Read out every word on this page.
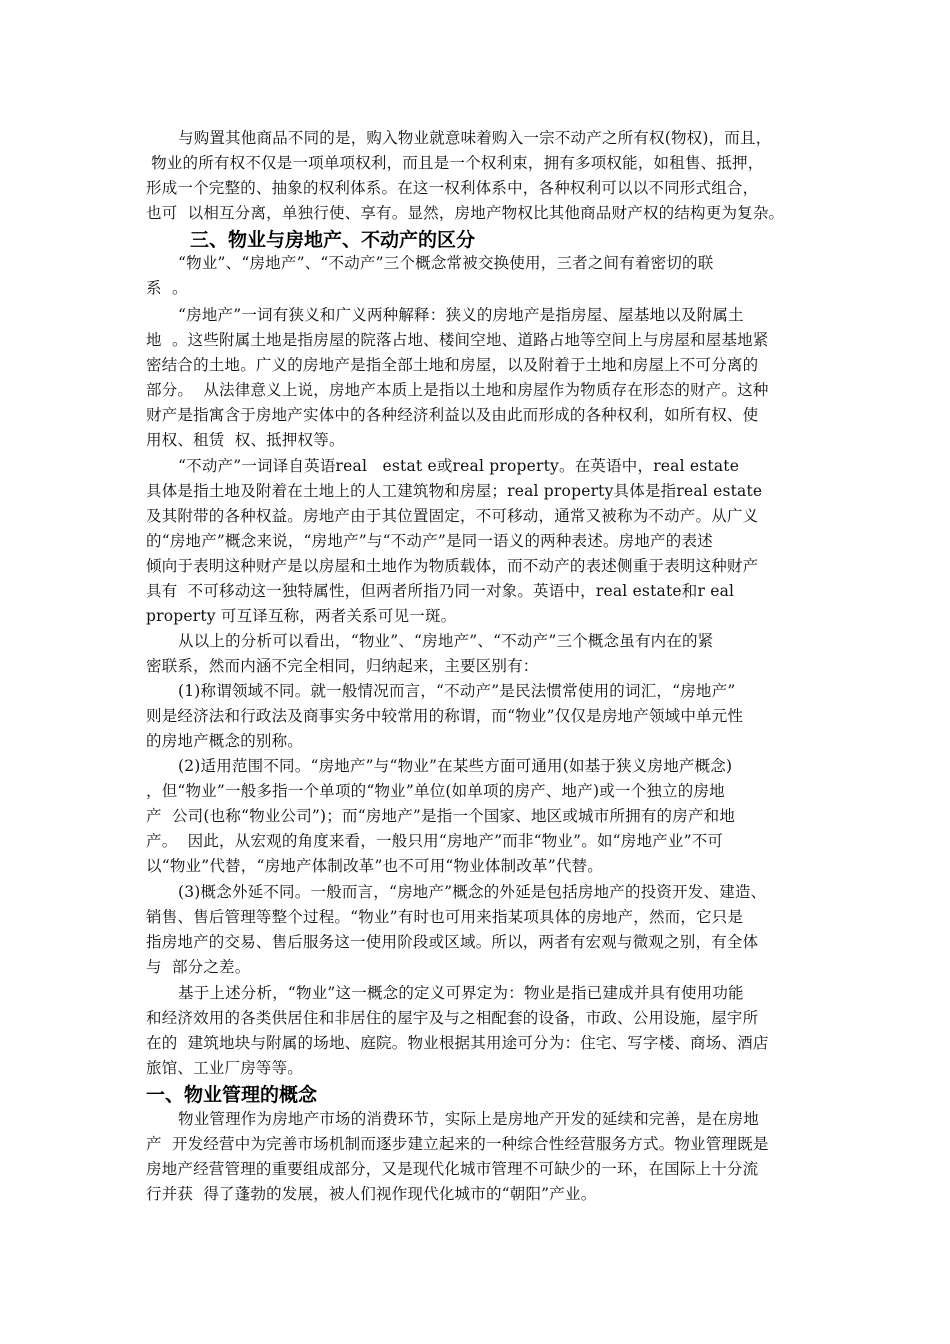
与购置其他商品不同的是，购入物业就意味着购入一宗不动产之所有权(物权)，而且，
物业的所有权不仅是一项单项权利，而且是一个权利束，拥有多项权能，如租售、抵押，
形成一个完整的、抽象的权利体系。在这一权利体系中，各种权利可以以不同形式组合，
也可  以相互分离，单独行使、享有。显然，房地产物权比其他商品财产权的结构更为复杂。
三、物业与房地产、不动产的区分
“物业”、“房地产”、“不动产”三个概念常被交换使用，三者之间有着密切的联
系  。
“房地产”一词有狭义和广义两种解释：狭义的房地产是指房屋、屋基地以及附属土
地  。这些附属土地是指房屋的院落占地、楼间空地、道路占地等空间上与房屋和屋基地紧
密结合的土地。广义的房地产是指全部土地和房屋，以及附着于土地和房屋上不可分离的
部分。  从法律意义上说，房地产本质上是指以土地和房屋作为物质存在形态的财产。这种
财产是指寓含于房地产实体中的各种经济利益以及由此而形成的各种权利，如所有权、使
用权、租赁  权、抵押权等。
“不动产”一词译自英语real   estat e或real property。在英语中，real estate
具体是指土地及附着在土地上的人工建筑物和房屋；real property具体是指real estate
及其附带的各种权益。房地产由于其位置固定，不可移动，通常又被称为不动产。从广义
的“房地产”概念来说，“房地产”与“不动产”是同一语义的两种表述。房地产的表述
倾向于表明这种财产是以房屋和土地作为物质载体，而不动产的表述侧重于表明这种财产
具有  不可移动这一独特属性，但两者所指乃同一对象。英语中，real estate和r eal
property 可互译互称，两者关系可见一斑。
从以上的分析可以看出，“物业”、“房地产”、“不动产”三个概念虽有内在的紧
密联系，然而内涵不完全相同，归纳起来，主要区别有：
(1)称谓领域不同。就一般情况而言，“不动产”是民法惯常使用的词汇，“房地产”
则是经济法和行政法及商事实务中较常用的称谓，而“物业”仅仅是房地产领域中单元性
的房地产概念的别称。
(2)适用范围不同。“房地产”与“物业”在某些方面可通用(如基于狭义房地产概念)
，但“物业”一般多指一个单项的“物业”单位(如单项的房产、地产)或一个独立的房地
产  公司(也称“物业公司”)；而“房地产”是指一个国家、地区或城市所拥有的房产和地
产。  因此，从宏观的角度来看，一般只用“房地产”而非“物业”。如“房地产业”不可
以“物业”代替，“房地产体制改革”也不可用“物业体制改革”代替。
(3)概念外延不同。一般而言，“房地产”概念的外延是包括房地产的投资开发、建造、
销售、售后管理等整个过程。“物业”有时也可用来指某项具体的房地产，然而，它只是
指房地产的交易、售后服务这一使用阶段或区域。所以，两者有宏观与微观之别，有全体
与  部分之差。
基于上述分析，“物业”这一概念的定义可界定为：物业是指已建成并具有使用功能
和经济效用的各类供居住和非居住的屋宇及与之相配套的设备，市政、公用设施，屋宇所
在的  建筑地块与附属的场地、庭院。物业根据其用途可分为：住宅、写字楼、商场、酒店
旅馆、工业厂房等等。
一、物业管理的概念
物业管理作为房地产市场的消费环节，实际上是房地产开发的延续和完善，是在房地
产  开发经营中为完善市场机制而逐步建立起来的一种综合性经营服务方式。物业管理既是
房地产经营管理的重要组成部分，又是现代化城市管理不可缺少的一环，在国际上十分流
行并获  得了蓬勃的发展，被人们视作现代化城市的“朝阳”产业。
